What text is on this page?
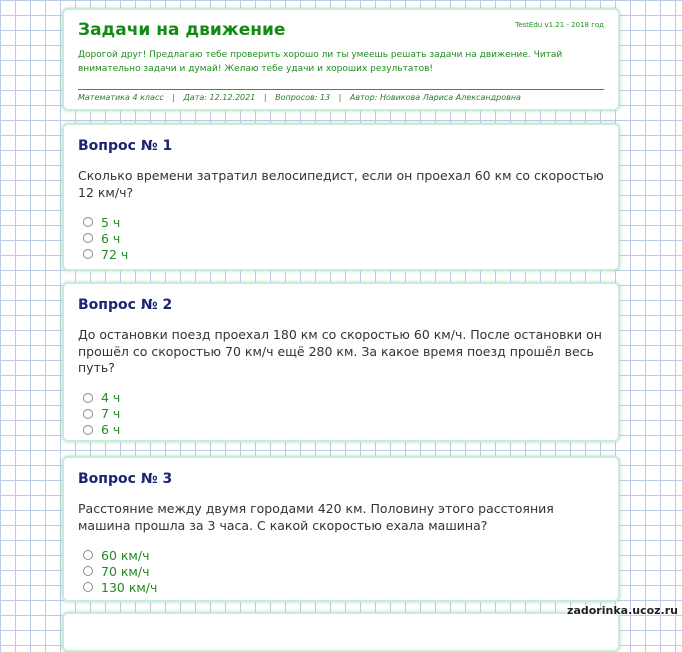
Задачи на движение	TestEdu v1.21 - 2018 год
Дорогой друг! Предлагаю тебе проверить хорошо ли ты умеешь решать задачи на движение. Читай внимательно задачи и думай! Желаю тебе удачи и хороших результатов!
Математика 4 класс | Дата: 12.12.2021 | Вопросов: 13 | Автор: Новикова Лариса Александровна
Вопрос № 1
Сколько времени затратил велосипедист, если он проехал 60 км со скоростью 12 км/ч?
5 ч
6 ч
72 ч
Вопрос № 2
До остановки поезд проехал 180 км со скоростью 60 км/ч. После остановки он прошёл со скоростью 70 км/ч ещё 280 км. За какое время поезд прошёл весь путь?
4 ч
7 ч
6 ч
Вопрос № 3
Расстояние между двумя городами 420 км. Половину этого расстояния машина прошла за 3 часа. С какой скоростью ехала машина?
60 км/ч
70 км/ч
130 км/ч
zadorinka.ucoz.ru
